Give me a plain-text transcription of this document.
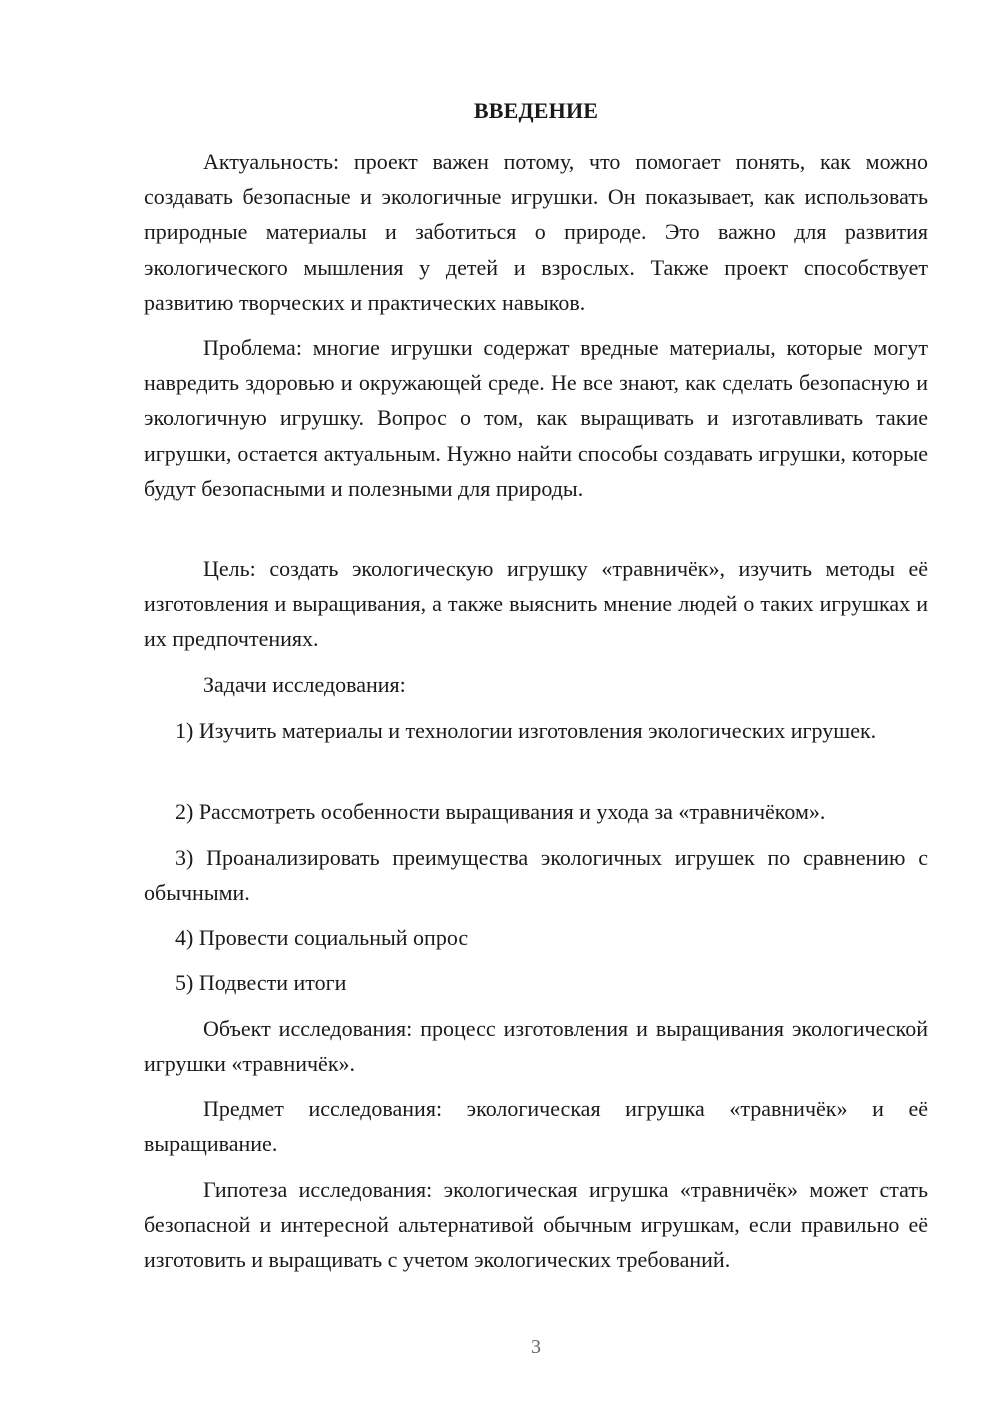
ВВЕДЕНИЕ

Актуальность: проект важен потому, что помогает понять, как можно создавать безопасные и экологичные игрушки. Он показывает, как использовать природные материалы и заботиться о природе. Это важно для развития экологического мышления у детей и взрослых. Также проект способствует развитию творческих и практических навыков.

Проблема: многие игрушки содержат вредные материалы, которые могут навредить здоровью и окружающей среде. Не все знают, как сделать безопасную и экологичную игрушку. Вопрос о том, как выращивать и изготавливать такие игрушки, остается актуальным. Нужно найти способы создавать игрушки, которые будут безопасными и полезными для природы.

Цель: создать экологическую игрушку «травничёк», изучить методы её изготовления и выращивания, а также выяснить мнение людей о таких игрушках и их предпочтениях.

Задачи исследования:

1) Изучить материалы и технологии изготовления экологических игрушек.

2) Рассмотреть особенности выращивания и ухода за «травничёком».

3) Проанализировать преимущества экологичных игрушек по сравнению с обычными.

4) Провести социальный опрос

5) Подвести итоги

Объект исследования: процесс изготовления и выращивания экологической игрушки «травничёк».

Предмет исследования: экологическая игрушка «травничёк» и её выращивание.

Гипотеза исследования: экологическая игрушка «травничёк» может стать безопасной и интересной альтернативой обычным игрушкам, если правильно её изготовить и выращивать с учетом экологических требований.

3
